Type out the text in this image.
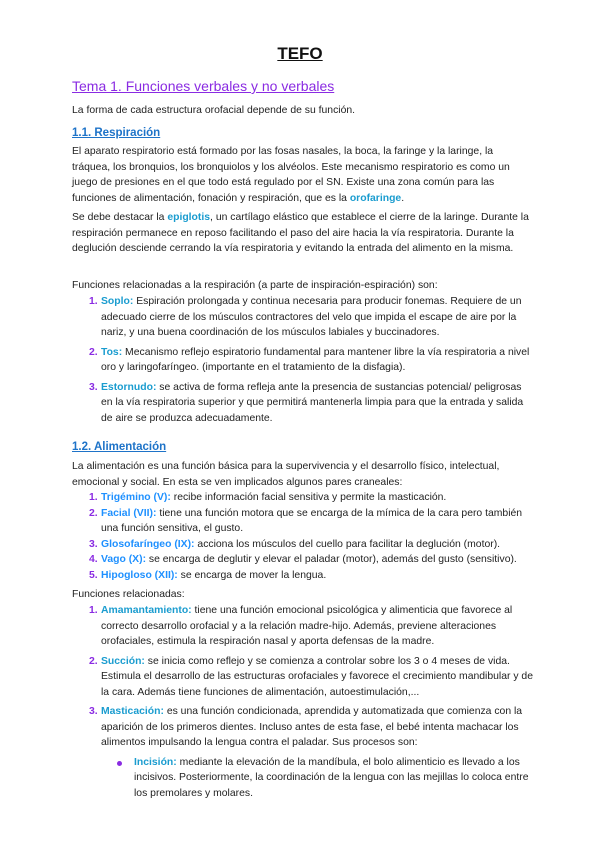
TEFO
Tema 1. Funciones verbales y no verbales
La forma de cada estructura orofacial depende de su función.
1.1. Respiración
El aparato respiratorio está formado por las fosas nasales, la boca, la faringe y la laringe, la tráquea, los bronquios, los bronquiolos y los alvéolos. Este mecanismo respiratorio es como un juego de presiones en el que todo está regulado por el SN. Existe una zona común para las funciones de alimentación, fonación y respiración, que es la orofaringe.
Se debe destacar la epiglotis, un cartílago elástico que establece el cierre de la laringe. Durante la respiración permanece en reposo facilitando el paso del aire hacia la vía respiratoria. Durante la deglución desciende cerrando la vía respiratoria y evitando la entrada del alimento en la misma.
Funciones relacionadas a la respiración (a parte de inspiración-espiración) son:
1. Soplo: Espiración prolongada y continua necesaria para producir fonemas. Requiere de un adecuado cierre de los músculos contractores del velo que impida el escape de aire por la nariz, y una buena coordinación de los músculos labiales y buccinadores.
2. Tos: Mecanismo reflejo espiratorio fundamental para mantener libre la vía respiratoria a nivel oro y laringofaríngeo. (importante en el tratamiento de la disfagia).
3. Estornudo: se activa de forma refleja ante la presencia de sustancias potencial/ peligrosas en la vía respiratoria superior y que permitirá mantenerla limpia para que la entrada y salida de aire se produzca adecuadamente.
1.2. Alimentación
La alimentación es una función básica para la supervivencia y el desarrollo físico, intelectual, emocional y social. En esta se ven implicados algunos pares craneales:
1. Trigémino (V): recibe información facial sensitiva y permite la masticación.
2. Facial (VII): tiene una función motora que se encarga de la mímica de la cara pero también una función sensitiva, el gusto.
3. Glosofaríngeo (IX): acciona los músculos del cuello para facilitar la deglución (motor).
4. Vago (X): se encarga de deglutir y elevar el paladar (motor), además del gusto (sensitivo).
5. Hipogloso (XII): se encarga de mover la lengua.
Funciones relacionadas:
1. Amamantamiento: tiene una función emocional psicológica y alimenticia que favorece al correcto desarrollo orofacial y a la relación madre-hijo. Además, previene alteraciones orofaciales, estimula la respiración nasal y aporta defensas de la madre.
2. Succión: se inicia como reflejo y se comienza a controlar sobre los 3 o 4 meses de vida. Estimula el desarrollo de las estructuras orofaciales y favorece el crecimiento mandibular y de la cara. Además tiene funciones de alimentación, autoestimulación,...
3. Masticación: es una función condicionada, aprendida y automatizada que comienza con la aparición de los primeros dientes. Incluso antes de esta fase, el bebé intenta machacar los alimentos impulsando la lengua contra el paladar. Sus procesos son:
Incisión: mediante la elevación de la mandíbula, el bolo alimenticio es llevado a los incisivos. Posteriormente, la coordinación de la lengua con las mejillas lo coloca entre los premolares y molares.
